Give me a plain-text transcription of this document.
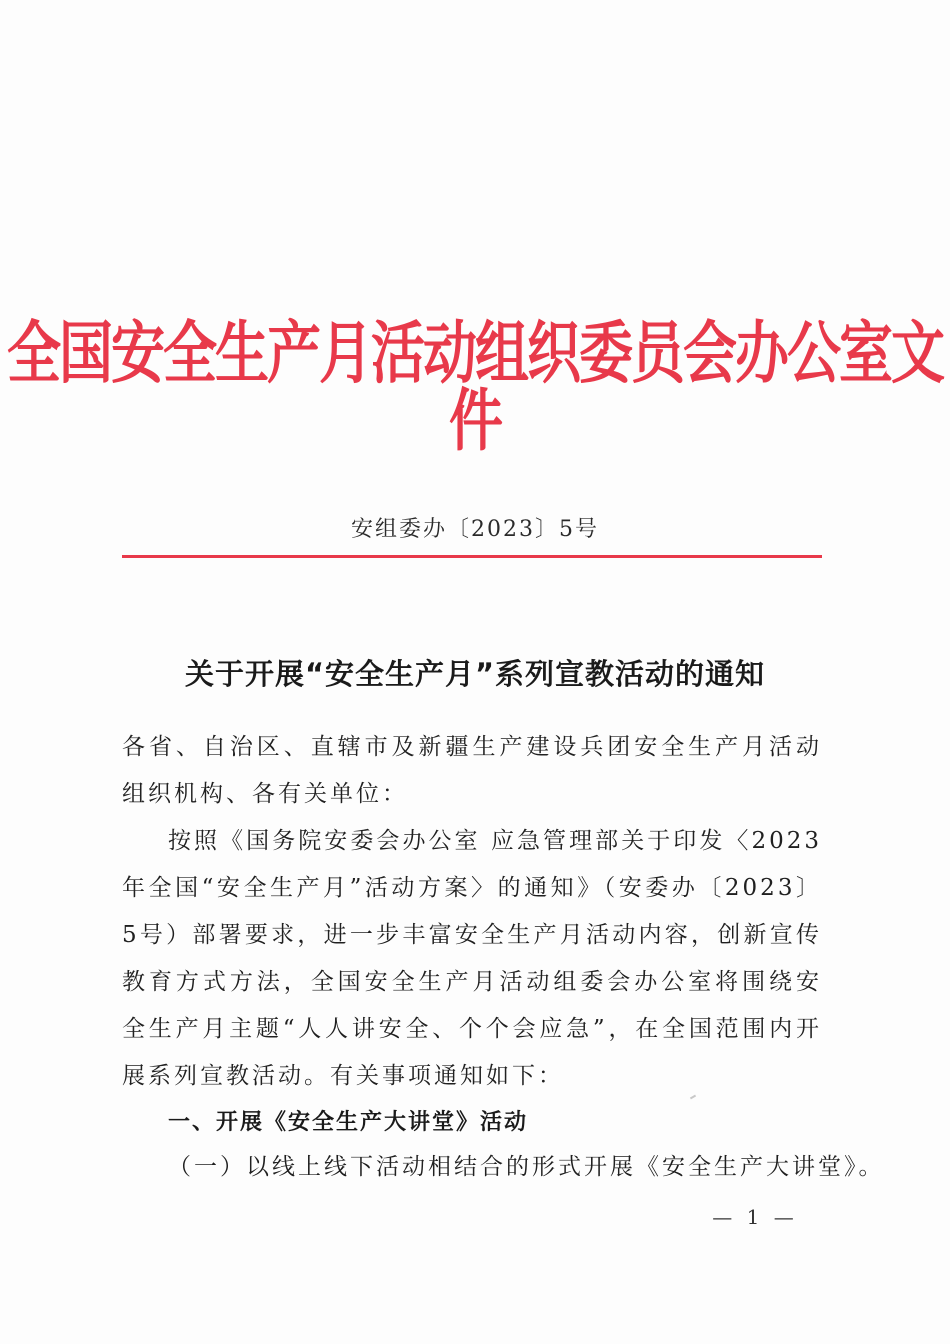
全国安全生产月活动组织委员会办公室文件
安组委办〔2023〕5号
关于开展“安全生产月”系列宣教活动的通知
各省、自治区、直辖市及新疆生产建设兵团安全生产月活动组织机构、各有关单位：
按照《国务院安委会办公室 应急管理部关于印发〈2023年全国“安全生产月”活动方案〉的通知》（安委办〔2023〕5号）部署要求，进一步丰富安全生产月活动内容，创新宣传教育方式方法，全国安全生产月活动组委会办公室将围绕安全生产月主题“人人讲安全、个个会应急”，在全国范围内开展系列宣教活动。有关事项通知如下：
一、开展《安全生产大讲堂》活动
（一）以线上线下活动相结合的形式开展《安全生产大讲堂》。
— 1 —
